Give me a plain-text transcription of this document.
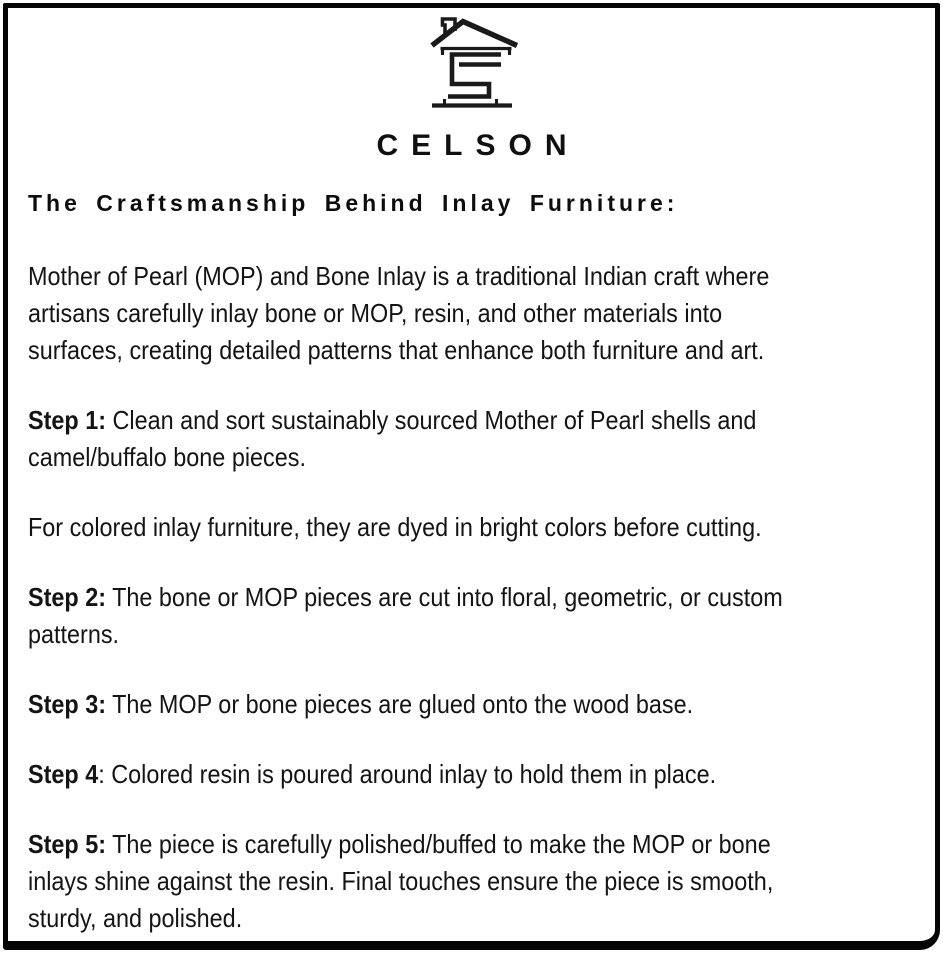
CELSON
The Craftsmanship Behind Inlay Furniture:

Mother of Pearl (MOP) and Bone Inlay is a traditional Indian craft where
artisans carefully inlay bone or MOP, resin, and other materials into
surfaces, creating detailed patterns that enhance both furniture and art.

Step 1: Clean and sort sustainably sourced Mother of Pearl shells and
camel/buffalo bone pieces.

For colored inlay furniture, they are dyed in bright colors before cutting.

Step 2: The bone or MOP pieces are cut into floral, geometric, or custom
patterns.

Step 3: The MOP or bone pieces are glued onto the wood base.

Step 4: Colored resin is poured around inlay to hold them in place.

Step 5: The piece is carefully polished/buffed to make the MOP or bone
inlays shine against the resin. Final touches ensure the piece is smooth,
sturdy, and polished.
